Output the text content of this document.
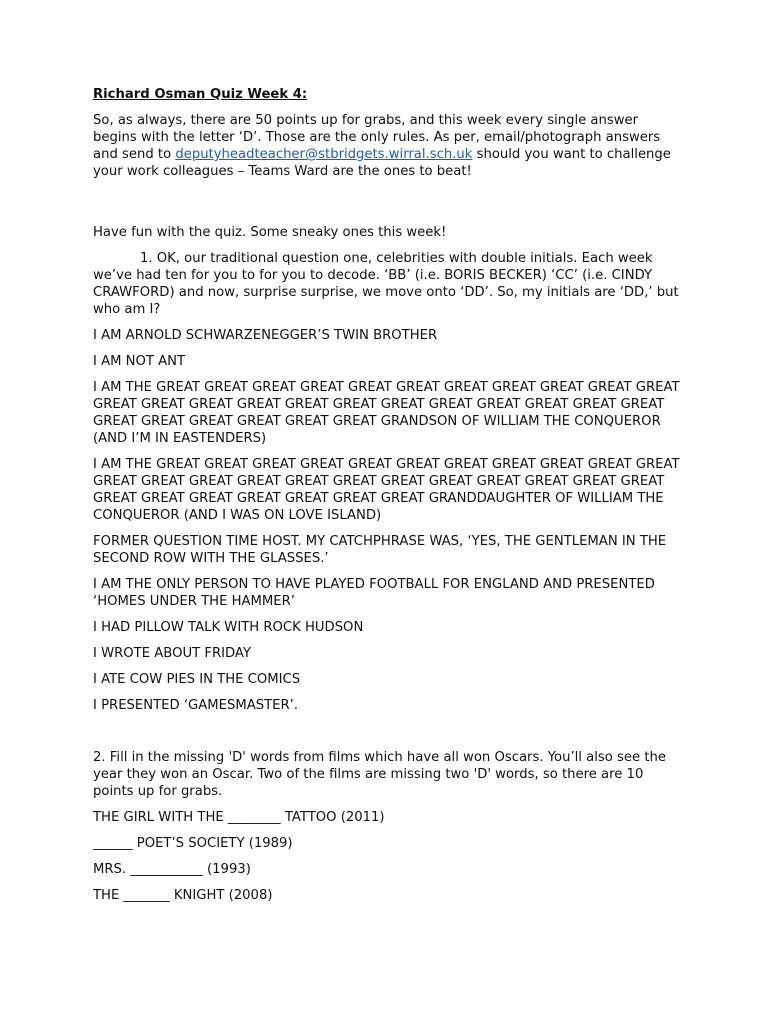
Richard Osman Quiz Week 4:

So, as always, there are 50 points up for grabs, and this week every single answer begins with the letter ‘D’. Those are the only rules. As per, email/photograph answers and send to deputyheadteacher@stbridgets.wirral.sch.uk should you want to challenge your work colleagues – Teams Ward are the ones to beat!

Have fun with the quiz. Some sneaky ones this week!

1. OK, our traditional question one, celebrities with double initials. Each week we’ve had ten for you to for you to decode. ‘BB’ (i.e. BORIS BECKER) ‘CC’ (i.e. CINDY CRAWFORD) and now, surprise surprise, we move onto ‘DD’. So, my initials are ‘DD,’ but who am I?

I AM ARNOLD SCHWARZENEGGER’S TWIN BROTHER

I AM NOT ANT

I AM THE GREAT GREAT GREAT GREAT GREAT GREAT GREAT GREAT GREAT GREAT GREAT GREAT GREAT GREAT GREAT GREAT GREAT GREAT GREAT GREAT GREAT GREAT GREAT GREAT GREAT GREAT GREAT GREAT GREAT GRANDSON OF WILLIAM THE CONQUEROR (AND I’M IN EASTENDERS)

I AM THE GREAT GREAT GREAT GREAT GREAT GREAT GREAT GREAT GREAT GREAT GREAT GREAT GREAT GREAT GREAT GREAT GREAT GREAT GREAT GREAT GREAT GREAT GREAT GREAT GREAT GREAT GREAT GREAT GREAT GREAT GRANDDAUGHTER OF WILLIAM THE CONQUEROR (AND I WAS ON LOVE ISLAND)

FORMER QUESTION TIME HOST. MY CATCHPHRASE WAS, ‘YES, THE GENTLEMAN IN THE SECOND ROW WITH THE GLASSES.’

I AM THE ONLY PERSON TO HAVE PLAYED FOOTBALL FOR ENGLAND AND PRESENTED ‘HOMES UNDER THE HAMMER’

I HAD PILLOW TALK WITH ROCK HUDSON

I WROTE ABOUT FRIDAY

I ATE COW PIES IN THE COMICS

I PRESENTED ‘GAMESMASTER’.

2. Fill in the missing 'D' words from films which have all won Oscars. You’ll also see the year they won an Oscar. Two of the films are missing two 'D' words, so there are 10 points up for grabs.

THE GIRL WITH THE ________ TATTOO (2011)

______ POET’S SOCIETY (1989)

MRS. ___________ (1993)

THE _______ KNIGHT (2008)
